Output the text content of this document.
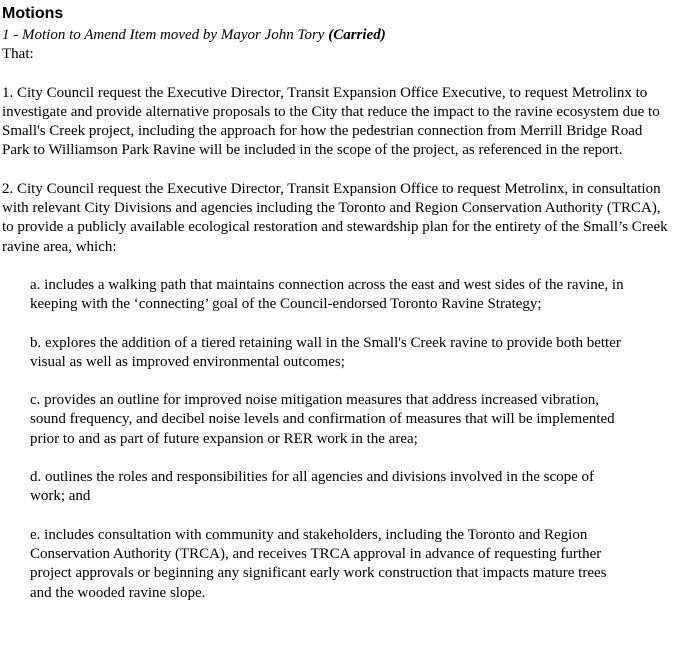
Motions

1 - Motion to Amend Item moved by Mayor John Tory (Carried)

That:

1. City Council request the Executive Director, Transit Expansion Office Executive, to request Metrolinx to investigate and provide alternative proposals to the City that reduce the impact to the ravine ecosystem due to Small's Creek project, including the approach for how the pedestrian connection from Merrill Bridge Road Park to Williamson Park Ravine will be included in the scope of the project, as referenced in the report.

2. City Council request the Executive Director, Transit Expansion Office to request Metrolinx, in consultation with relevant City Divisions and agencies including the Toronto and Region Conservation Authority (TRCA), to provide a publicly available ecological restoration and stewardship plan for the entirety of the Small’s Creek ravine area, which:

a. includes a walking path that maintains connection across the east and west sides of the ravine, in keeping with the ‘connecting’ goal of the Council-endorsed Toronto Ravine Strategy;

b. explores the addition of a tiered retaining wall in the Small's Creek ravine to provide both better visual as well as improved environmental outcomes;

c. provides an outline for improved noise mitigation measures that address increased vibration, sound frequency, and decibel noise levels and confirmation of measures that will be implemented prior to and as part of future expansion or RER work in the area;

d. outlines the roles and responsibilities for all agencies and divisions involved in the scope of work; and

e. includes consultation with community and stakeholders, including the Toronto and Region Conservation Authority (TRCA), and receives TRCA approval in advance of requesting further project approvals or beginning any significant early work construction that impacts mature trees and the wooded ravine slope.
